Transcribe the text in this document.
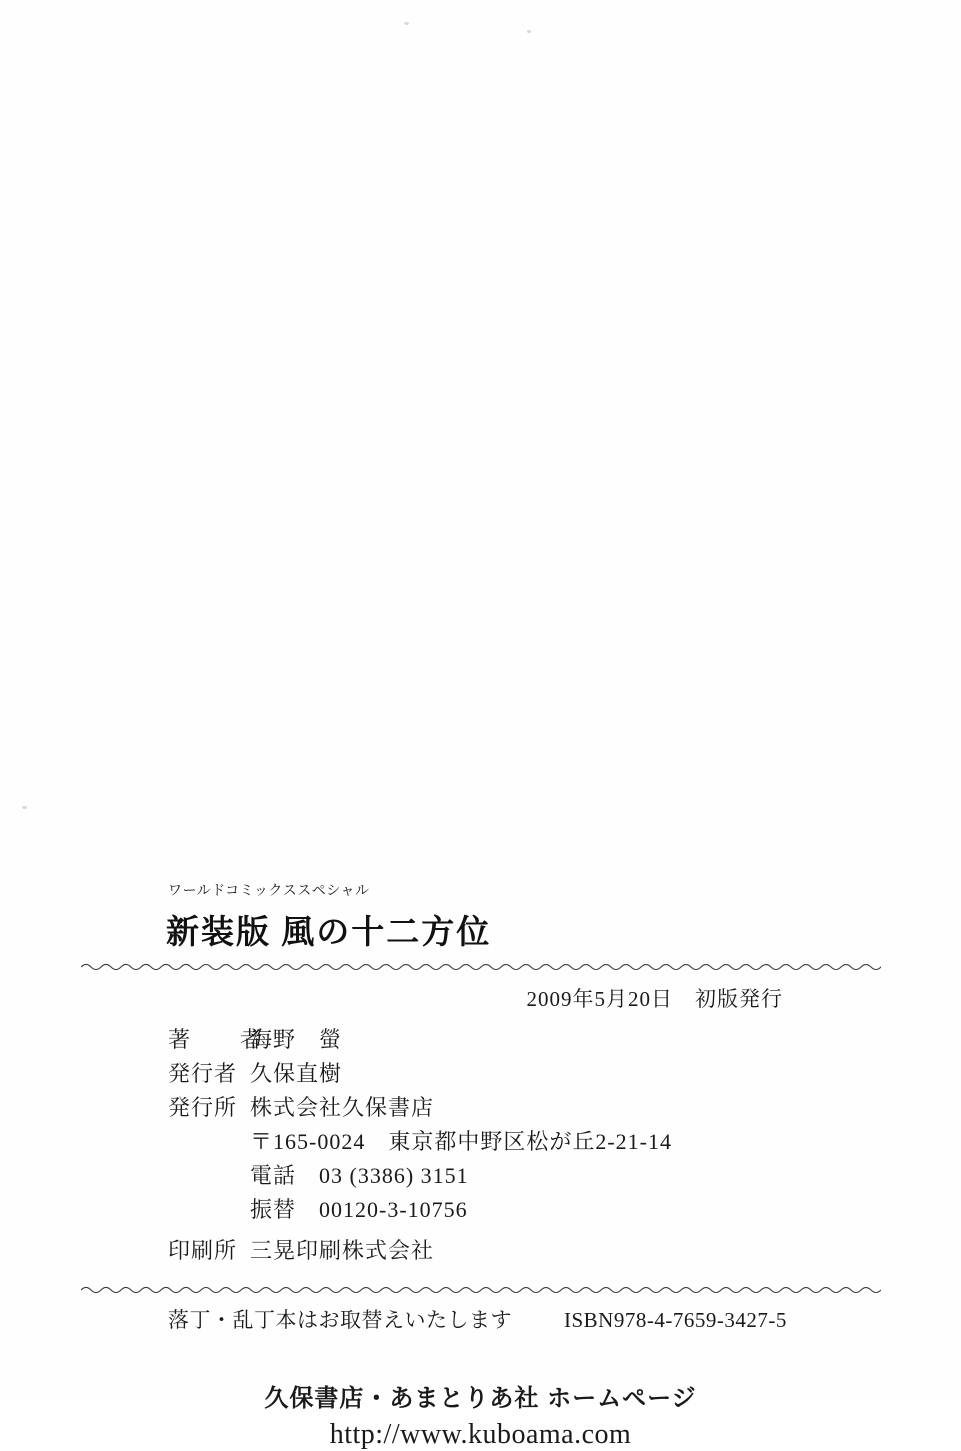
ワールドコミックススペシャル
新装版 風の十二方位
2009年5月20日　初版発行
著　者
海野　螢
発行者 久保直樹
発行所 株式会社久保書店
〒165-0024　東京都中野区松が丘2-21-14
電話　03 (3386) 3151
振替　00120-3-10756
印刷所 三晃印刷株式会社
落丁・乱丁本はお取替えいたします ISBN978-4-7659-3427-5
久保書店・あまとりあ社 ホームページ
http://www.kuboama.com
